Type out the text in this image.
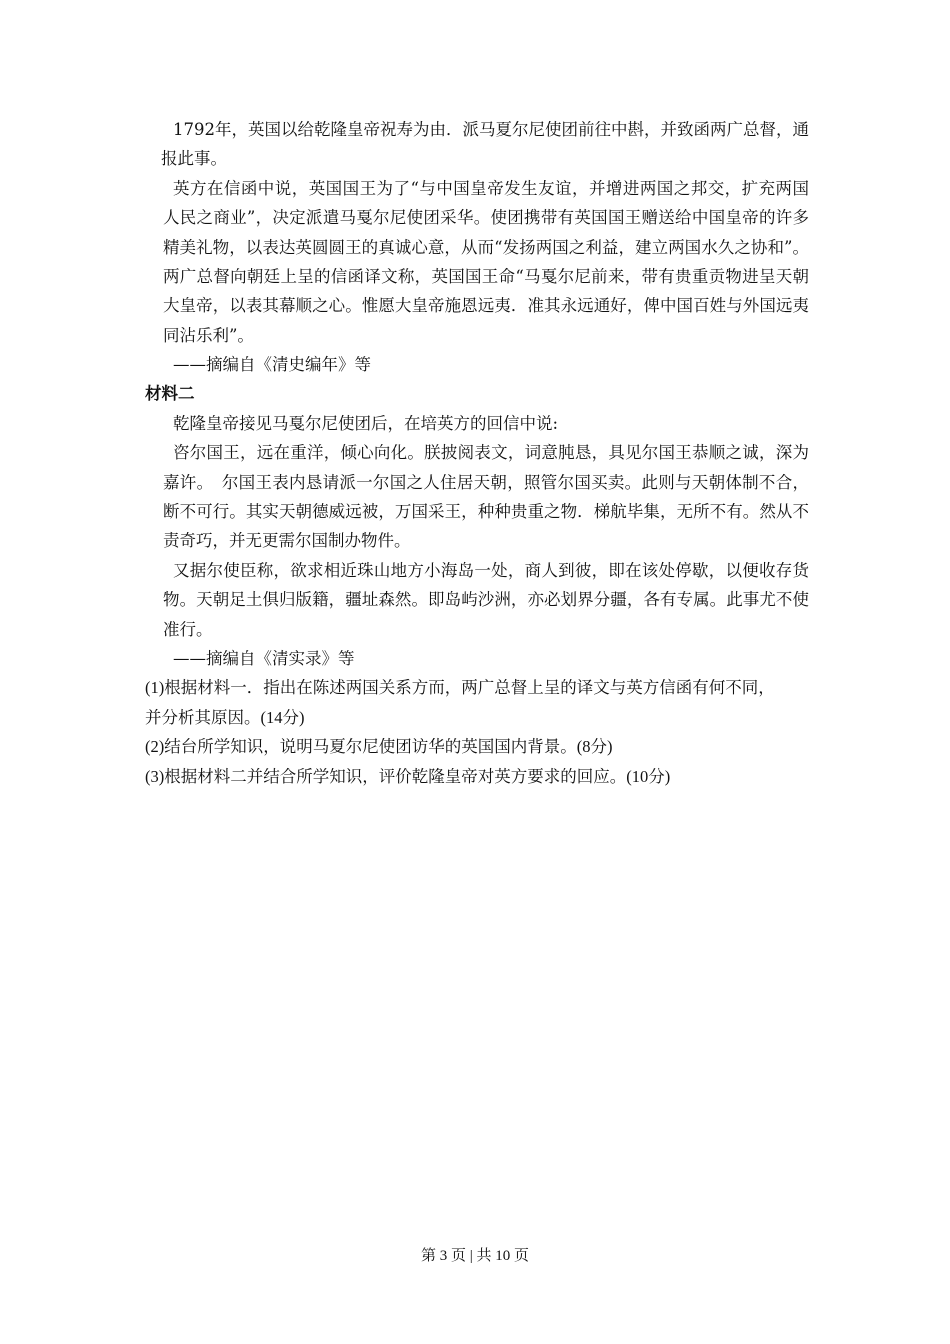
1792年，英国以给乾隆皇帝祝寿为由．派马夏尔尼使团前往中斟，并致函两广总督，通
报此事。
英方在信函中说，英国国王为了“与中国皇帝发生友谊，并增进两国之邦交，扩充两国
人民之商业”，决定派遣马戛尔尼使团采华。使团携带有英国国王赠送给中国皇帝的许多
精美礼物，以表达英圆圆王的真诚心意，从而“发扬两国之利益，建立两国水久之协和”。
两广总督向朝廷上呈的信函译文称，英国国王命“马戛尔尼前来，带有贵重贡物进呈天朝
大皇帝，以表其幕顺之心。惟愿大皇帝施恩远夷．准其永远通好，俾中国百姓与外国远夷
同沾乐利”。
——摘编自《清史编年》等
材料二
乾隆皇帝接见马戛尔尼使团后，在培英方的回信中说:
咨尔国王，远在重洋，倾心向化。朕披阅表文，词意肫恳，具见尔国王恭顺之诚，深为
嘉许。　尔国王表内恳请派一尔国之人住居天朝，照管尔国买卖。此则与天朝体制不合，
断不可行。其实天朝德威远被，万国采王，种种贵重之物．梯航毕集，无所不有。然从不
责奇巧，并无更需尔国制办物件。
又据尔使臣称，欲求相近珠山地方小海岛一处，商人到彼，即在该处停歇，以便收存货
物。天朝足土俱归版籍，疆址森然。即岛屿沙洲，亦必划界分疆，各有专属。此事尤不使
准行。
——摘编自《清实录》等
(1)根据材料一．指出在陈述两国关系方而，两广总督上呈的译文与英方信函有何不同，
并分析其原因。(14分)
(2)结台所学知识，说明马夏尔尼使团访华的英国国内背景。(8分)
(3)根据材料二并结合所学知识，评价乾隆皇帝对英方要求的回应。(10分)
第 3 页 | 共 10 页
